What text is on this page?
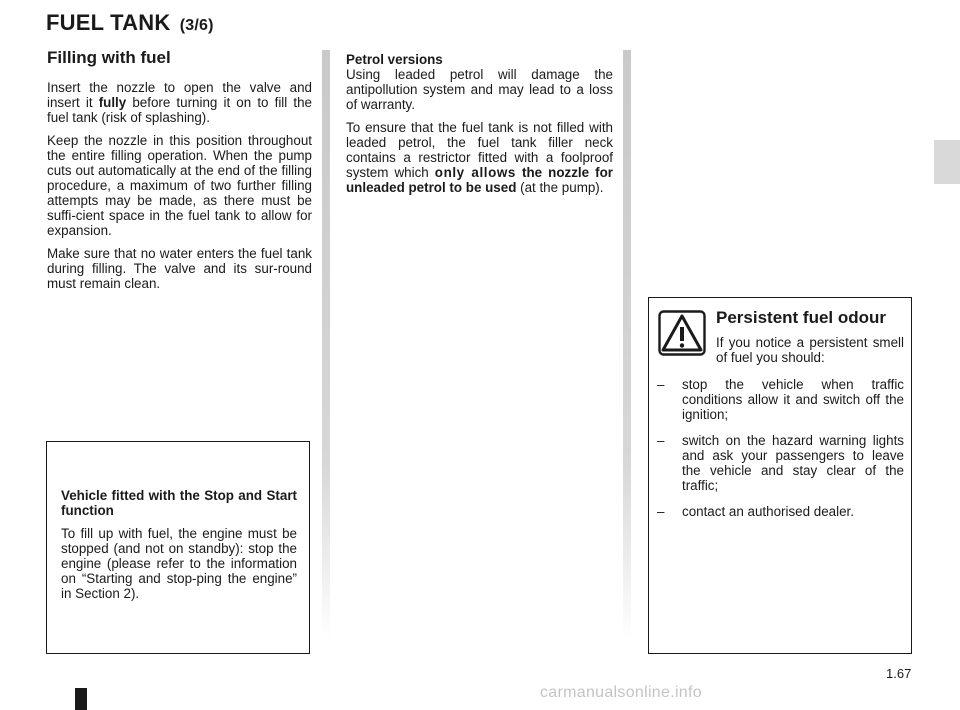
FUEL TANK (3/6)
Filling with fuel

Insert the nozzle to open the valve and insert it fully before turning it on to fill the fuel tank (risk of splashing).

Keep the nozzle in this position throughout the entire filling operation. When the pump cuts out automatically at the end of the filling procedure, a maximum of two further filling attempts may be made, as there must be suffi-cient space in the fuel tank to allow for expansion.

Make sure that no water enters the fuel tank during filling. The valve and its sur-round must remain clean.

Vehicle fitted with the Stop and Start function

To fill up with fuel, the engine must be stopped (and not on standby): stop the engine (please refer to the information on “Starting and stop-ping the engine” in Section 2).

Petrol versions

Using leaded petrol will damage the antipollution system and may lead to a loss of warranty.

To ensure that the fuel tank is not filled with leaded petrol, the fuel tank filler neck contains a restrictor fitted with a foolproof system which only allows the nozzle for unleaded petrol to be used (at the pump).

Persistent fuel odour

If you notice a persistent smell of fuel you should:

– stop the vehicle when traffic conditions allow it and switch off the ignition;
– switch on the hazard warning lights and ask your passengers to leave the vehicle and stay clear of the traffic;
– contact an authorised dealer.
1.67
carmanualsonline.info
